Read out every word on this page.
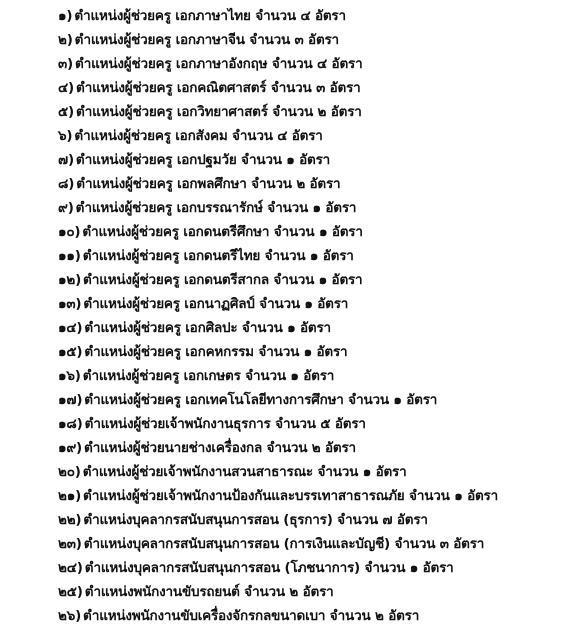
๑) ตำแหน่งผู้ช่วยครู เอกภาษาไทย จำนวน ๔ อัตรา
๒) ตำแหน่งผู้ช่วยครู เอกภาษาจีน จำนวน ๓ อัตรา
๓) ตำแหน่งผู้ช่วยครู เอกภาษาอังกฤษ จำนวน ๔ อัตรา
๔) ตำแหน่งผู้ช่วยครู เอกคณิตศาสตร์ จำนวน ๓ อัตรา
๕) ตำแหน่งผู้ช่วยครู เอกวิทยาศาสตร์ จำนวน ๒ อัตรา
๖) ตำแหน่งผู้ช่วยครู เอกสังคม จำนวน ๔ อัตรา
๗) ตำแหน่งผู้ช่วยครู เอกปฐมวัย จำนวน ๑ อัตรา
๘) ตำแหน่งผู้ช่วยครู เอกพลศึกษา จำนวน ๒ อัตรา
๙) ตำแหน่งผู้ช่วยครู เอกบรรณารักษ์ จำนวน ๑ อัตรา
๑๐) ตำแหน่งผู้ช่วยครู เอกดนตรีศึกษา จำนวน ๑ อัตรา
๑๑) ตำแหน่งผู้ช่วยครู เอกดนตรีไทย จำนวน ๑ อัตรา
๑๒) ตำแหน่งผู้ช่วยครู เอกดนตรีสากล จำนวน ๑ อัตรา
๑๓) ตำแหน่งผู้ช่วยครู เอกนาฏศิลป์ จำนวน ๑ อัตรา
๑๔) ตำแหน่งผู้ช่วยครู เอกศิลปะ จำนวน ๑ อัตรา
๑๕) ตำแหน่งผู้ช่วยครู เอกคหกรรม จำนวน ๑ อัตรา
๑๖) ตำแหน่งผู้ช่วยครู เอกเกษตร จำนวน ๑ อัตรา
๑๗) ตำแหน่งผู้ช่วยครู เอกเทคโนโลยีทางการศึกษา จำนวน ๑ อัตรา
๑๘) ตำแหน่งผู้ช่วยเจ้าพนักงานธุรการ จำนวน ๕ อัตรา
๑๙) ตำแหน่งผู้ช่วยนายช่างเครื่องกล จำนวน ๒ อัตรา
๒๐) ตำแหน่งผู้ช่วยเจ้าพนักงานสวนสาธารณะ จำนวน ๑ อัตรา
๒๑) ตำแหน่งผู้ช่วยเจ้าพนักงานป้องกันและบรรเทาสาธารณภัย จำนวน ๑ อัตรา
๒๒) ตำแหน่งบุคลากรสนับสนุนการสอน (ธุรการ) จำนวน ๗ อัตรา
๒๓) ตำแหน่งบุคลากรสนับสนุนการสอน (การเงินและบัญชี) จำนวน ๓ อัตรา
๒๔) ตำแหน่งบุคลากรสนับสนุนการสอน (โภชนาการ) จำนวน ๑ อัตรา
๒๕) ตำแหน่งพนักงานขับรถยนต์ จำนวน ๒ อัตรา
๒๖) ตำแหน่งพนักงานขับเครื่องจักรกลขนาดเบา จำนวน ๒ อัตรา
